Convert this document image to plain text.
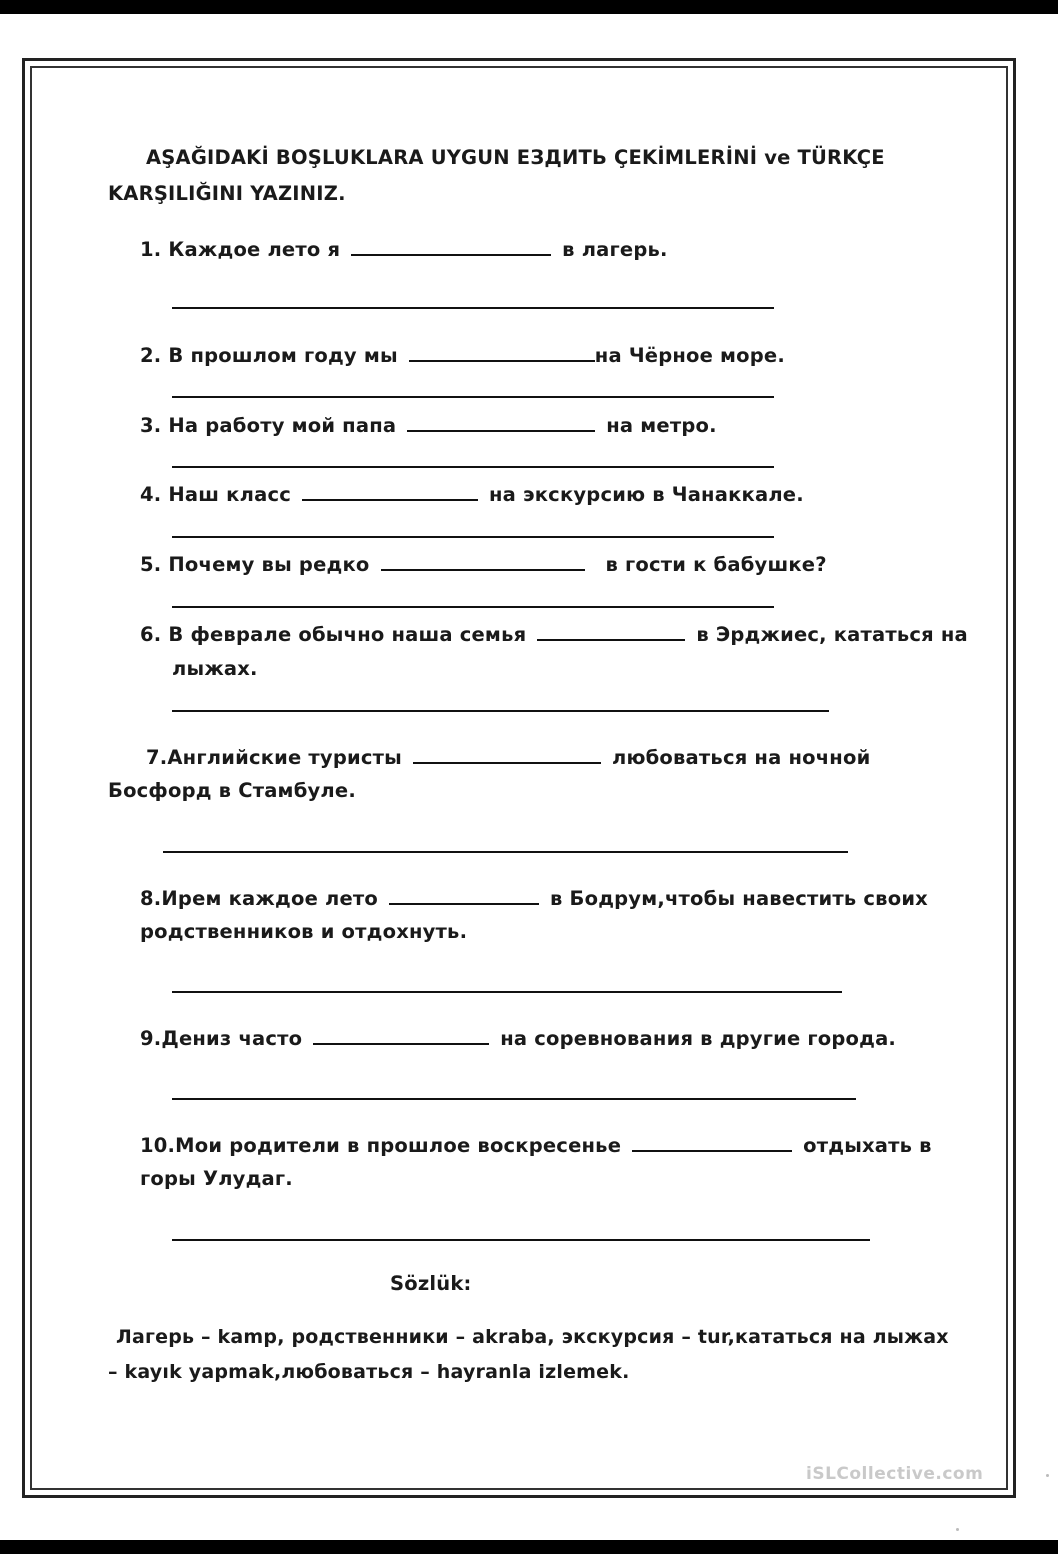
AŞAĞIDAKİ BOŞLUKLARA UYGUN ЕЗДИТЬ ÇEKİMLERİNİ ve TÜRKÇE

KARŞILIĞINI YAZINIZ.

1. Каждое лето я	в лагерь.

2. В прошлом году мы	на Чёрное море.

3. На работу мой папа	на метро.

4. Наш класс	на экскурсию в Чанаккале.

5. Почему вы редко	в гости к бабушке?

6. В феврале обычно наша семья	в Эрджиес, кататься на

лыжах.

7.Английские туристы	любоваться на ночной

Босфорд в Стамбуле.

8.Ирем каждое лето	в Бодрум,чтобы навестить своих

родственников и отдохнуть.

9.Дениз часто	на соревнования в другие города.

10.Мои родители в прошлое воскресенье	отдыхать в

горы Улудаг.

Sözlük:

Лагерь – kamp, родственники – akraba, экскурсия – tur,кататься на лыжах

– kayık yapmak,любоваться – hayranla izlemek.

iSLCollective.com
